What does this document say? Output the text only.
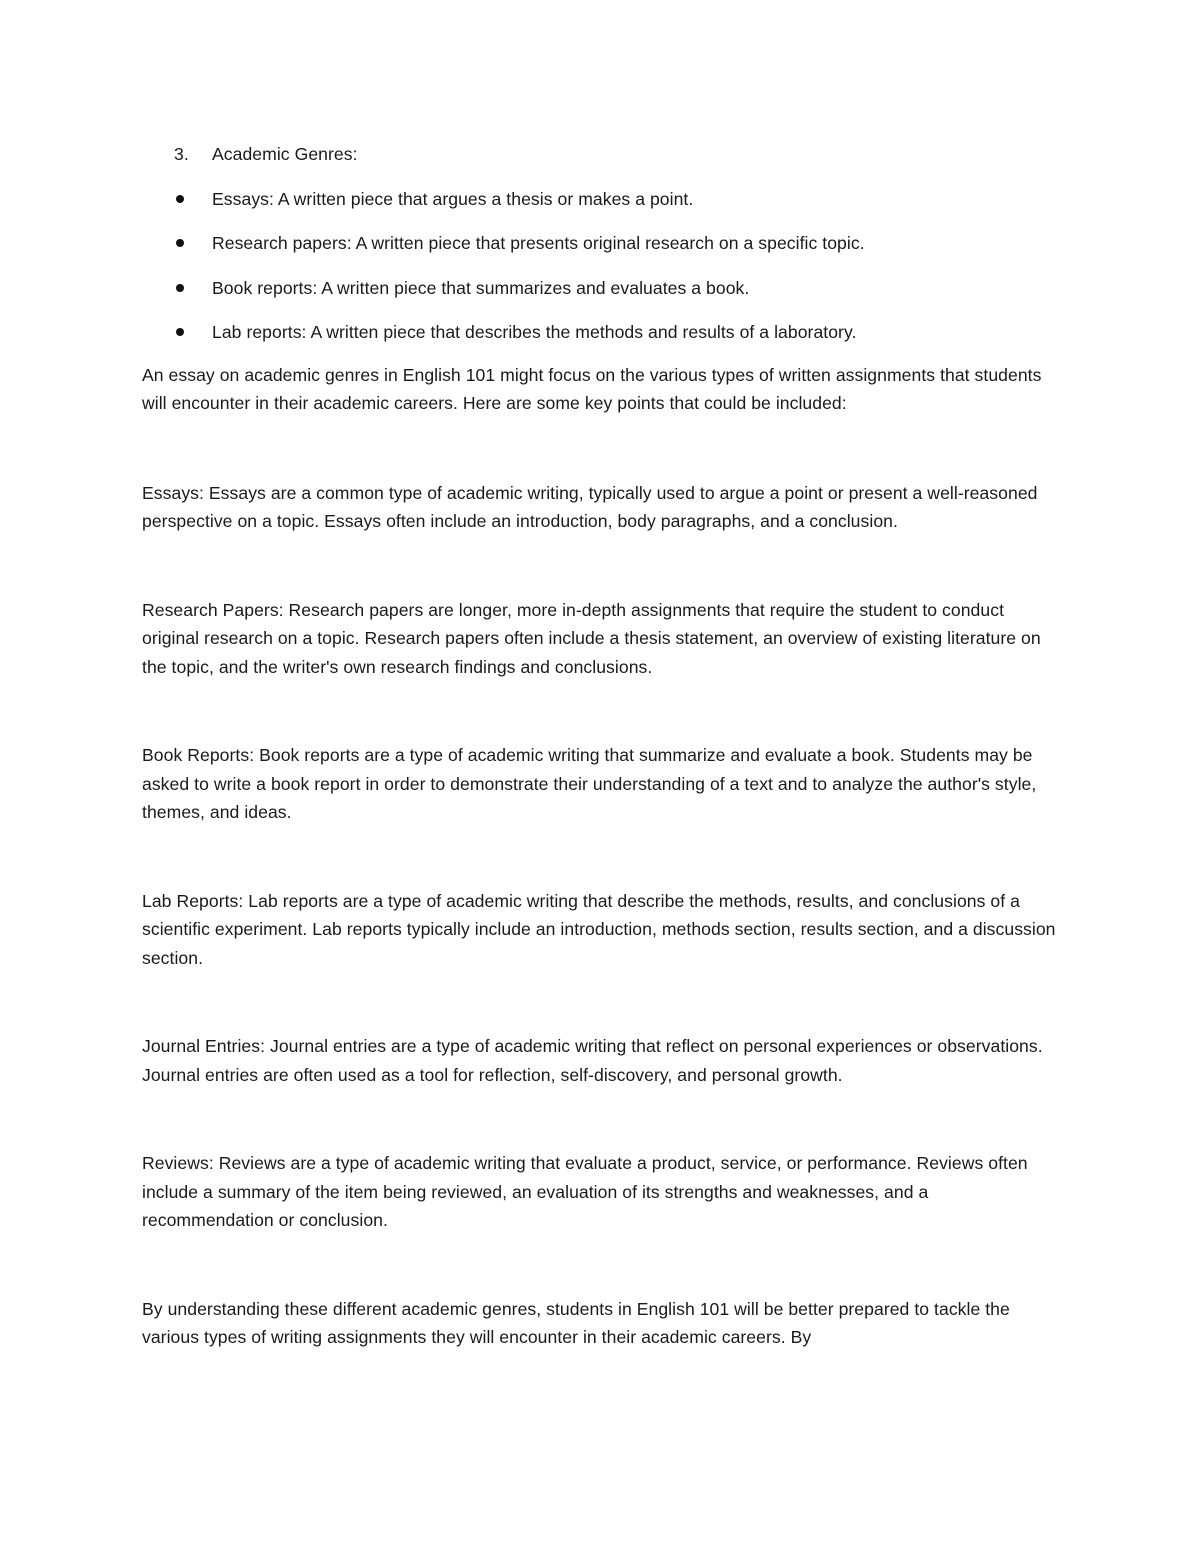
3.	Academic Genres:
Essays: A written piece that argues a thesis or makes a point.
Research papers: A written piece that presents original research on a specific topic.
Book reports: A written piece that summarizes and evaluates a book.
Lab reports: A written piece that describes the methods and results of a laboratory.

An essay on academic genres in English 101 might focus on the various types of written assignments that students will encounter in their academic careers. Here are some key points that could be included:

Essays: Essays are a common type of academic writing, typically used to argue a point or present a well-reasoned perspective on a topic. Essays often include an introduction, body paragraphs, and a conclusion.

Research Papers: Research papers are longer, more in-depth assignments that require the student to conduct original research on a topic. Research papers often include a thesis statement, an overview of existing literature on the topic, and the writer's own research findings and conclusions.

Book Reports: Book reports are a type of academic writing that summarize and evaluate a book. Students may be asked to write a book report in order to demonstrate their understanding of a text and to analyze the author's style, themes, and ideas.

Lab Reports: Lab reports are a type of academic writing that describe the methods, results, and conclusions of a scientific experiment. Lab reports typically include an introduction, methods section, results section, and a discussion section.

Journal Entries: Journal entries are a type of academic writing that reflect on personal experiences or observations. Journal entries are often used as a tool for reflection, self-discovery, and personal growth.

Reviews: Reviews are a type of academic writing that evaluate a product, service, or performance. Reviews often include a summary of the item being reviewed, an evaluation of its strengths and weaknesses, and a recommendation or conclusion.

By understanding these different academic genres, students in English 101 will be better prepared to tackle the various types of writing assignments they will encounter in their academic careers. By
